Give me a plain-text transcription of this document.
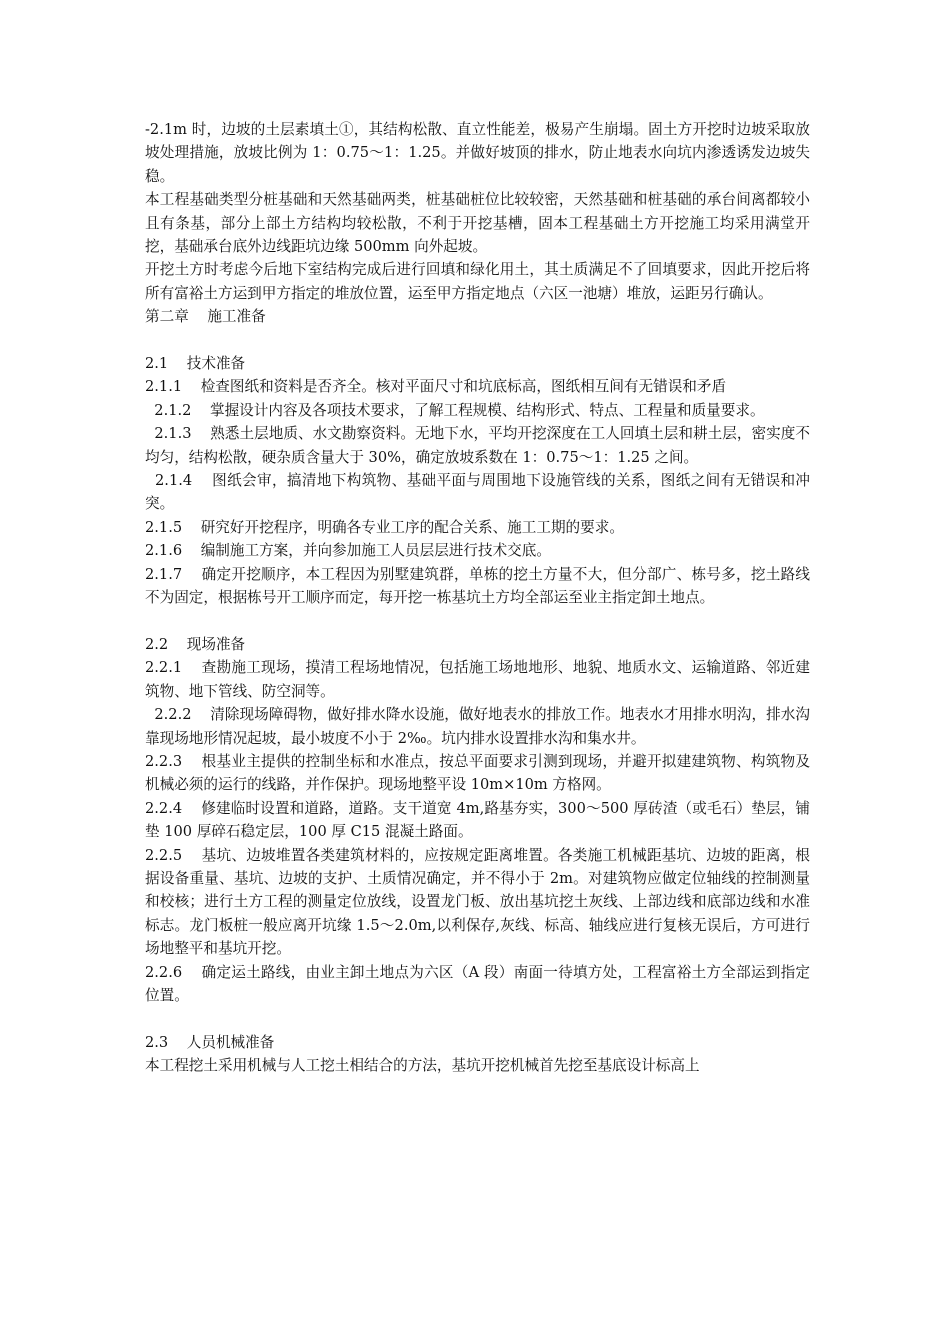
-2.1m 时，边坡的土层素填土①，其结构松散、直立性能差，极易产生崩塌。固土方开挖时边坡采取放坡处理措施，放坡比例为 1：0.75～1：1.25。并做好坡顶的排水，防止地表水向坑内渗透诱发边坡失稳。

本工程基础类型分桩基础和天然基础两类，桩基础桩位比较较密，天然基础和桩基础的承台间离都较小且有条基，部分上部土方结构均较松散，不利于开挖基槽，固本工程基础土方开挖施工均采用满堂开挖，基础承台底外边线距坑边缘 500mm 向外起坡。

开挖土方时考虑今后地下室结构完成后进行回填和绿化用土，其土质满足不了回填要求，因此开挖后将所有富裕土方运到甲方指定的堆放位置，运至甲方指定地点（六区一池塘）堆放，运距另行确认。

第二章    施工准备

2.1    技术准备

2.1.1    检查图纸和资料是否齐全。核对平面尺寸和坑底标高，图纸相互间有无错误和矛盾

2.1.2    掌握设计内容及各项技术要求，了解工程规模、结构形式、特点、工程量和质量要求。

2.1.3    熟悉土层地质、水文勘察资料。无地下水，平均开挖深度在工人回填土层和耕土层，密实度不均匀，结构松散，硬杂质含量大于 30%，确定放坡系数在 1：0.75～1：1.25 之间。

2.1.4    图纸会审，搞清地下构筑物、基础平面与周围地下设施管线的关系，图纸之间有无错误和冲突。

2.1.5    研究好开挖程序，明确各专业工序的配合关系、施工工期的要求。

2.1.6    编制施工方案，并向参加施工人员层层进行技术交底。

2.1.7    确定开挖顺序，本工程因为别墅建筑群，单栋的挖土方量不大，但分部广、栋号多，挖土路线不为固定，根据栋号开工顺序而定，每开挖一栋基坑土方均全部运至业主指定卸土地点。

2.2    现场准备

2.2.1    查勘施工现场，摸清工程场地情况，包括施工场地地形、地貌、地质水文、运输道路、邻近建筑物、地下管线、防空洞等。

2.2.2    清除现场障碍物，做好排水降水设施，做好地表水的排放工作。地表水才用排水明沟，排水沟靠现场地形情况起坡，最小坡度不小于 2‰。坑内排水设置排水沟和集水井。

2.2.3    根基业主提供的控制坐标和水准点，按总平面要求引测到现场，并避开拟建建筑物、构筑物及机械必须的运行的线路，并作保护。现场地整平设 10m×10m 方格网。

2.2.4    修建临时设置和道路，道路。支干道宽 4m,路基夯实，300～500 厚砖渣（或毛石）垫层，铺垫 100 厚碎石稳定层，100 厚 C15 混凝土路面。

2.2.5    基坑、边坡堆置各类建筑材料的，应按规定距离堆置。各类施工机械距基坑、边坡的距离，根据设备重量、基坑、边坡的支护、土质情况确定，并不得小于 2m。对建筑物应做定位轴线的控制测量和校核；进行土方工程的测量定位放线，设置龙门板、放出基坑挖土灰线、上部边线和底部边线和水准标志。龙门板桩一般应离开坑缘 1.5～2.0m,以利保存,灰线、标高、轴线应进行复核无误后，方可进行场地整平和基坑开挖。

2.2.6    确定运土路线，由业主卸土地点为六区（A 段）南面一待填方处，工程富裕土方全部运到指定位置。

2.3    人员机械准备

本工程挖土采用机械与人工挖土相结合的方法，基坑开挖机械首先挖至基底设计标高上
